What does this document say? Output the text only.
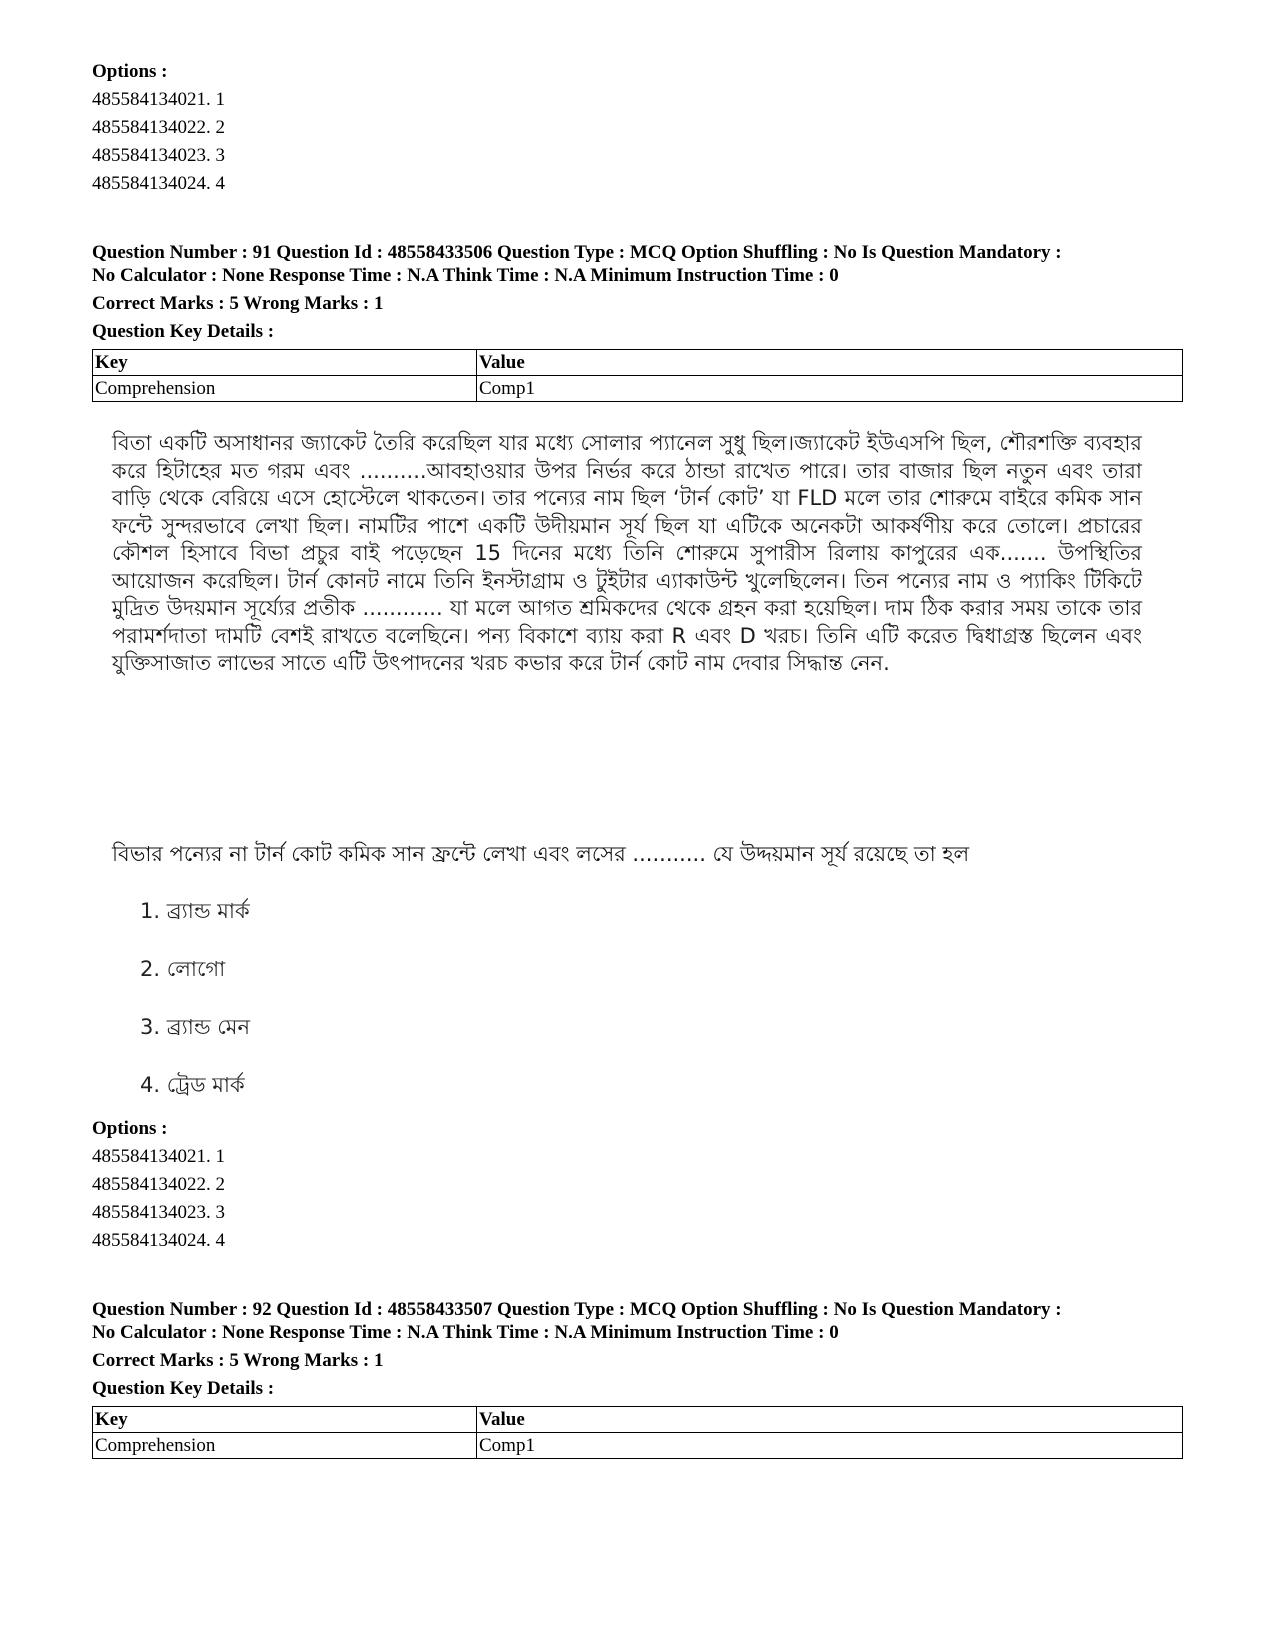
Options :
485584134021. 1
485584134022. 2
485584134023. 3
485584134024. 4
Question Number : 91 Question Id : 48558433506 Question Type : MCQ Option Shuffling : No Is Question Mandatory :
No Calculator : None Response Time : N.A Think Time : N.A Minimum Instruction Time : 0
Correct Marks : 5 Wrong Marks : 1
Question Key Details :
Key	Value
Comprehension	Comp1
বিতা একটি অসাধানর জ্যাকেট তৈরি করেছিল যার মধ্যে সোলার প্যানেল সুধু ছিল।জ্যাকেট ইউএসপি ছিল, শৌরশক্তি ব্যবহার করে হিটাহের মত গরম এবং ..........আবহাওয়ার উপর নির্ভর করে ঠান্ডা রাখেত পারে। তার বাজার ছিল নতুন এবং তারা বাড়ি থেকে বেরিয়ে এসে হোস্টেলে থাকতেন। তার পন্যের নাম ছিল ‘টার্ন কোট’ যা FLD মলে তার শোরুমে বাইরে কমিক সান ফন্টে সুন্দরভাবে লেখা ছিল। নামটির পাশে একটি উদীয়মান সূর্য ছিল যা এটিকে অনেকটা আকর্ষণীয় করে তোলে। প্রচারের কৌশল হিসাবে বিভা প্রচুর বাই পড়েছেন 15 দিনের মধ্যে তিনি শোরুমে সুপারীস রিলায় কাপুরের এক....... উপস্থিতির আয়োজন করেছিল। টার্ন কোনট নামে তিনি ইনস্টাগ্রাম ও টুইটার এ্যাকাউন্ট খুলেছিলেন। তিন পন্যের নাম ও প্যাকিং টিকিটে মুদ্রিত উদয়মান সূর্য্যের প্রতীক ............ যা মলে আগত শ্রমিকদের থেকে গ্রহন করা হয়েছিল। দাম ঠিক করার সময় তাকে তার পরামর্শদাতা দামটি বেশই রাখতে বলেছিনে। পন্য বিকাশে ব্যায় করা R এবং D খরচ। তিনি এটি করেত দ্বিধাগ্রস্ত ছিলেন এবং যুক্তিসাজাত লাভের সাতে এটি উৎপাদনের খরচ কভার করে টার্ন কোট নাম দেবার সিদ্ধান্ত নেন.
বিভার পন্যের না টার্ন কোট কমিক সান ফ্রন্টে লেখা এবং লসের ........... যে উদ্দয়মান সূর্য রয়েছে তা হল
1. ব্র্যান্ড মার্ক
2. লোগো
3. ব্র্যান্ড মেন
4. ট্রেড মার্ক
Options :
485584134021. 1
485584134022. 2
485584134023. 3
485584134024. 4
Question Number : 92 Question Id : 48558433507 Question Type : MCQ Option Shuffling : No Is Question Mandatory :
No Calculator : None Response Time : N.A Think Time : N.A Minimum Instruction Time : 0
Correct Marks : 5 Wrong Marks : 1
Question Key Details :
Key	Value
Comprehension	Comp1
